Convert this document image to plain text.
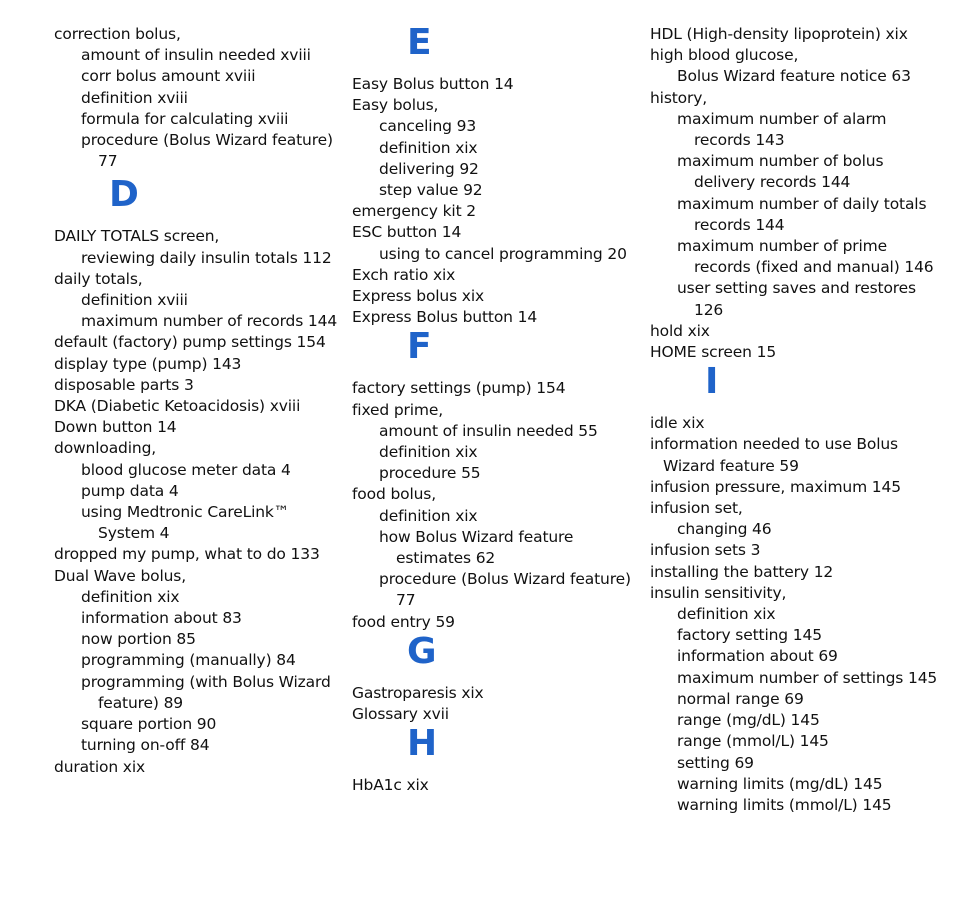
correction bolus,
amount of insulin needed xviii
corr bolus amount xviii
definition xviii
formula for calculating xviii
procedure (Bolus Wizard feature)
77
D
DAILY TOTALS screen,
reviewing daily insulin totals 112
daily totals,
definition xviii
maximum number of records 144
default (factory) pump settings 154
display type (pump) 143
disposable parts 3
DKA (Diabetic Ketoacidosis) xviii
Down button 14
downloading,
blood glucose meter data 4
pump data 4
using Medtronic CareLink™
System 4
dropped my pump, what to do 133
Dual Wave bolus,
definition xix
information about 83
now portion 85
programming (manually) 84
programming (with Bolus Wizard
feature) 89
square portion 90
turning on-off 84
duration xix
E
Easy Bolus button 14
Easy bolus,
canceling 93
definition xix
delivering 92
step value 92
emergency kit 2
ESC button 14
using to cancel programming 20
Exch ratio xix
Express bolus xix
Express Bolus button 14
F
factory settings (pump) 154
fixed prime,
amount of insulin needed 55
definition xix
procedure 55
food bolus,
definition xix
how Bolus Wizard feature
estimates 62
procedure (Bolus Wizard feature)
77
food entry 59
G
Gastroparesis xix
Glossary xvii
H
HbA1c xix
HDL (High-density lipoprotein) xix
high blood glucose,
Bolus Wizard feature notice 63
history,
maximum number of alarm
records 143
maximum number of bolus
delivery records 144
maximum number of daily totals
records 144
maximum number of prime
records (fixed and manual) 146
user setting saves and restores
126
hold xix
HOME screen 15
I
idle xix
information needed to use Bolus
Wizard feature 59
infusion pressure, maximum 145
infusion set,
changing 46
infusion sets 3
installing the battery 12
insulin sensitivity,
definition xix
factory setting 145
information about 69
maximum number of settings 145
normal range 69
range (mg/dL) 145
range (mmol/L) 145
setting 69
warning limits (mg/dL) 145
warning limits (mmol/L) 145
